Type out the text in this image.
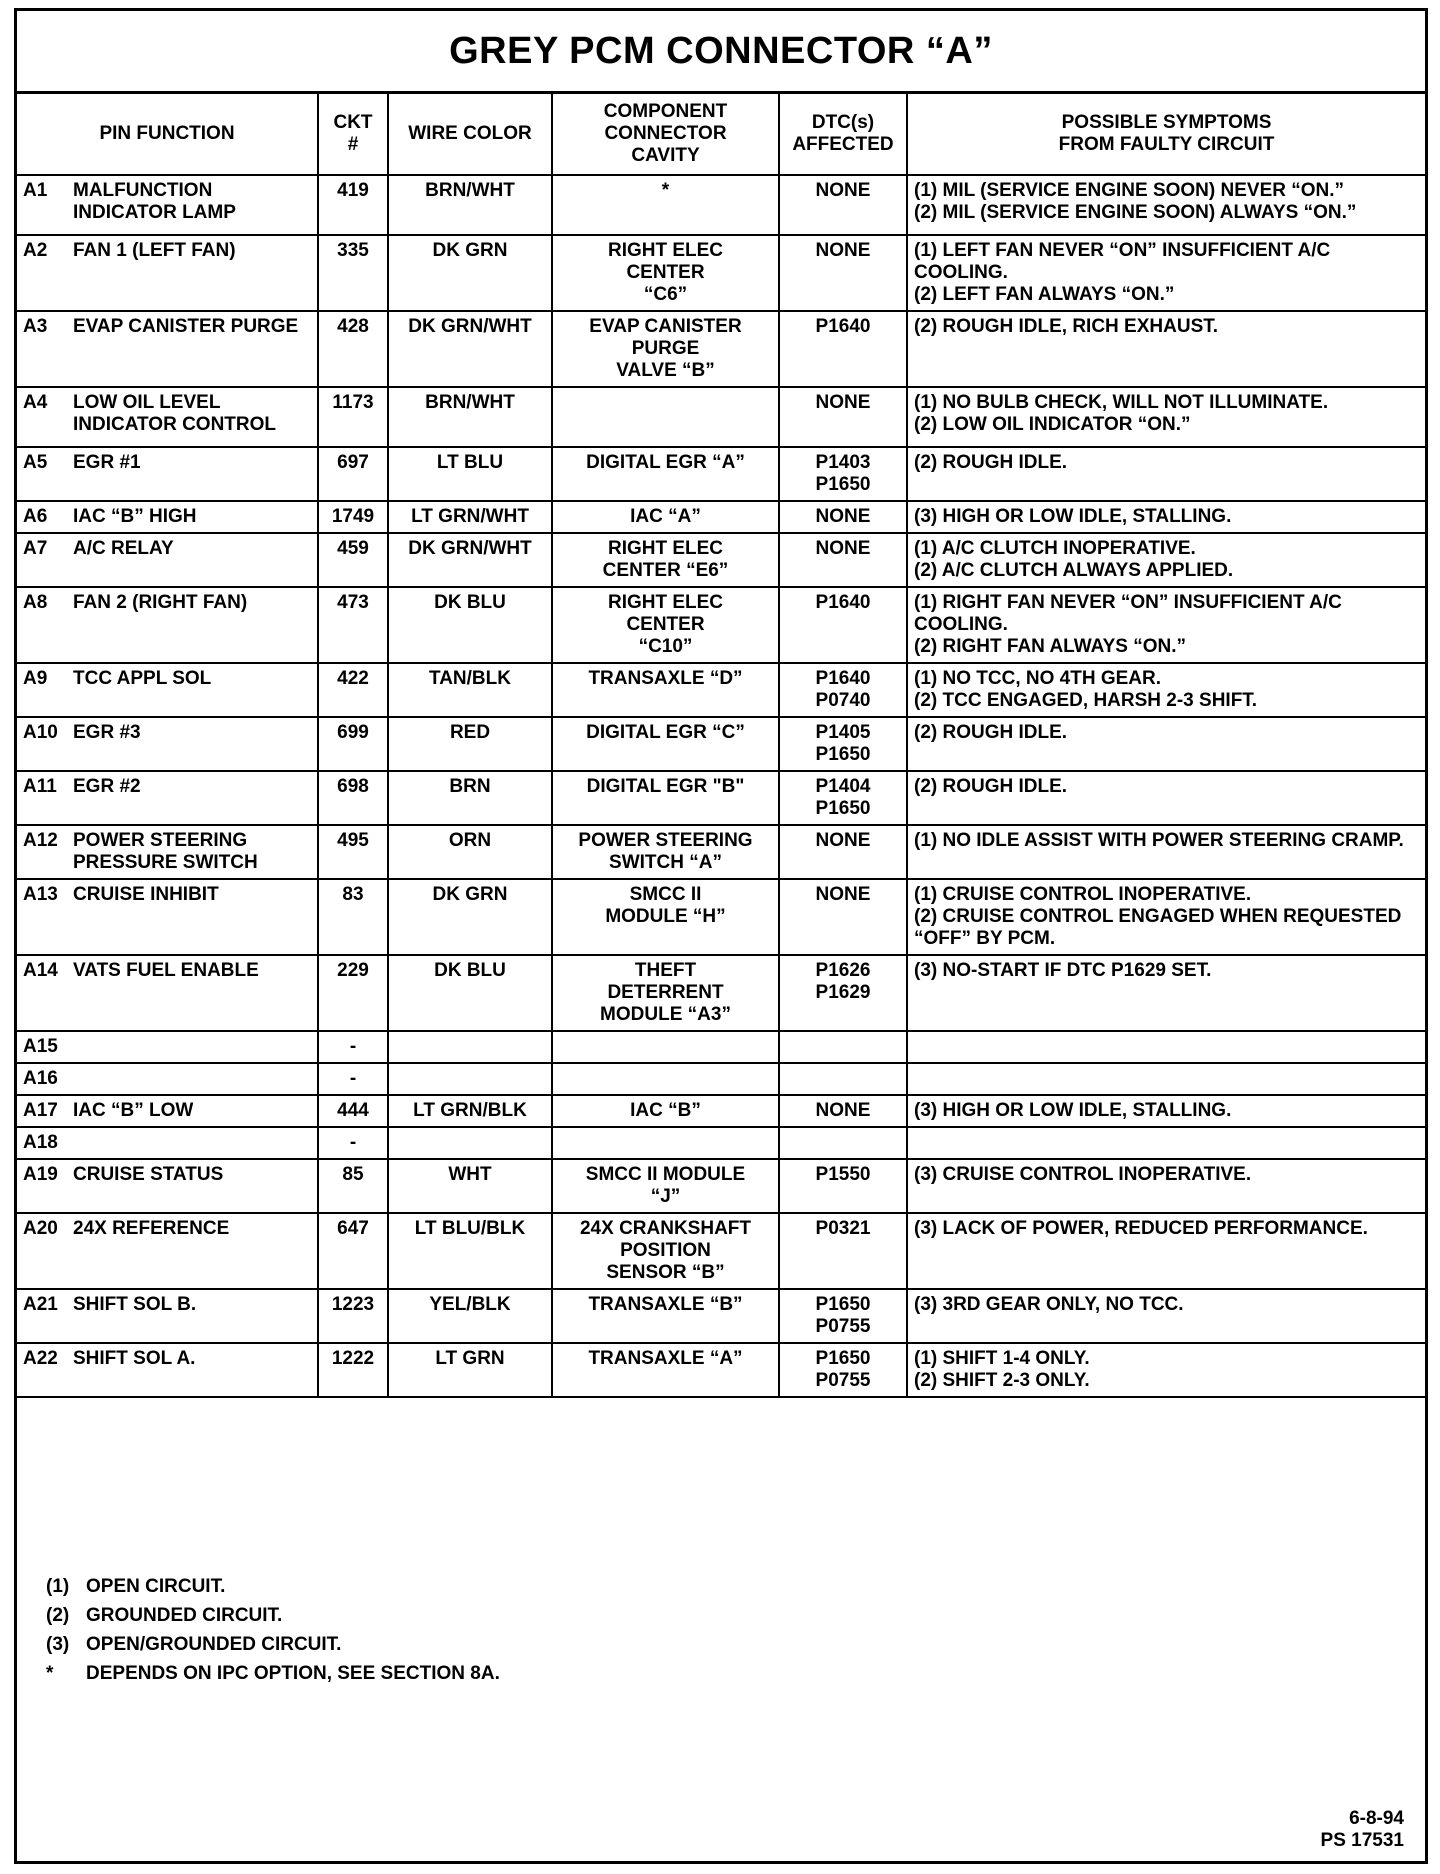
GREY PCM CONNECTOR “A”
PIN FUNCTION	CKT
#	WIRE COLOR	COMPONENT
CONNECTOR
CAVITY	DTC(s)
AFFECTED	POSSIBLE SYMPTOMS
FROM FAULTY CIRCUIT
A1 MALFUNCTION INDICATOR LAMP	419	BRN/WHT	*	NONE	(1) MIL (SERVICE ENGINE SOON) NEVER “ON.”
(2) MIL (SERVICE ENGINE SOON) ALWAYS “ON.”
A2 FAN 1 (LEFT FAN)	335	DK GRN	RIGHT ELEC
CENTER
“C6”	NONE	(1) LEFT FAN NEVER “ON” INSUFFICIENT A/C COOLING.
(2) LEFT FAN ALWAYS “ON.”
A3 EVAP CANISTER PURGE	428	DK GRN/WHT	EVAP CANISTER
PURGE
VALVE “B”	P1640	(2) ROUGH IDLE, RICH EXHAUST.
A4 LOW OIL LEVEL INDICATOR CONTROL	1173	BRN/WHT		NONE	(1) NO BULB CHECK, WILL NOT ILLUMINATE.
(2) LOW OIL INDICATOR “ON.”
A5 EGR #1	697	LT BLU	DIGITAL EGR “A”	P1403
P1650	(2) ROUGH IDLE.
A6 IAC “B” HIGH	1749	LT GRN/WHT	IAC “A”	NONE	(3) HIGH OR LOW IDLE, STALLING.
A7 A/C RELAY	459	DK GRN/WHT	RIGHT ELEC
CENTER “E6”	NONE	(1) A/C CLUTCH INOPERATIVE.
(2) A/C CLUTCH ALWAYS APPLIED.
A8 FAN 2 (RIGHT FAN)	473	DK BLU	RIGHT ELEC
CENTER
“C10”	P1640	(1) RIGHT FAN NEVER “ON” INSUFFICIENT A/C COOLING.
(2) RIGHT FAN ALWAYS “ON.”
A9 TCC APPL SOL	422	TAN/BLK	TRANSAXLE “D”	P1640
P0740	(1) NO TCC, NO 4TH GEAR.
(2) TCC ENGAGED, HARSH 2-3 SHIFT.
A10 EGR #3	699	RED	DIGITAL EGR “C”	P1405
P1650	(2) ROUGH IDLE.
A11 EGR #2	698	BRN	DIGITAL EGR "B"	P1404
P1650	(2) ROUGH IDLE.
A12 POWER STEERING PRESSURE SWITCH	495	ORN	POWER STEERING
SWITCH “A”	NONE	(1) NO IDLE ASSIST WITH POWER STEERING CRAMP.
A13 CRUISE INHIBIT	83	DK GRN	SMCC II
MODULE “H”	NONE	(1) CRUISE CONTROL INOPERATIVE.
(2) CRUISE CONTROL ENGAGED WHEN REQUESTED “OFF” BY PCM.
A14 VATS FUEL ENABLE	229	DK BLU	THEFT
DETERRENT
MODULE “A3”	P1626
P1629	(3) NO-START IF DTC P1629 SET.
A15	-				
A16	-				
A17 IAC “B” LOW	444	LT GRN/BLK	IAC “B”	NONE	(3) HIGH OR LOW IDLE, STALLING.
A18	-				
A19 CRUISE STATUS	85	WHT	SMCC II MODULE
“J”	P1550	(3) CRUISE CONTROL INOPERATIVE.
A20 24X REFERENCE	647	LT BLU/BLK	24X CRANKSHAFT
POSITION
SENSOR “B”	P0321	(3) LACK OF POWER, REDUCED PERFORMANCE.
A21 SHIFT SOL B.	1223	YEL/BLK	TRANSAXLE “B”	P1650
P0755	(3) 3RD GEAR ONLY, NO TCC.
A22 SHIFT SOL A.	1222	LT GRN	TRANSAXLE “A”	P1650
P0755	(1) SHIFT 1-4 ONLY.
(2) SHIFT 2-3 ONLY.
(1) OPEN CIRCUIT.
(2) GROUNDED CIRCUIT.
(3) OPEN/GROUNDED CIRCUIT.
*	DEPENDS ON IPC OPTION, SEE SECTION 8A.
6-8-94
PS 17531
